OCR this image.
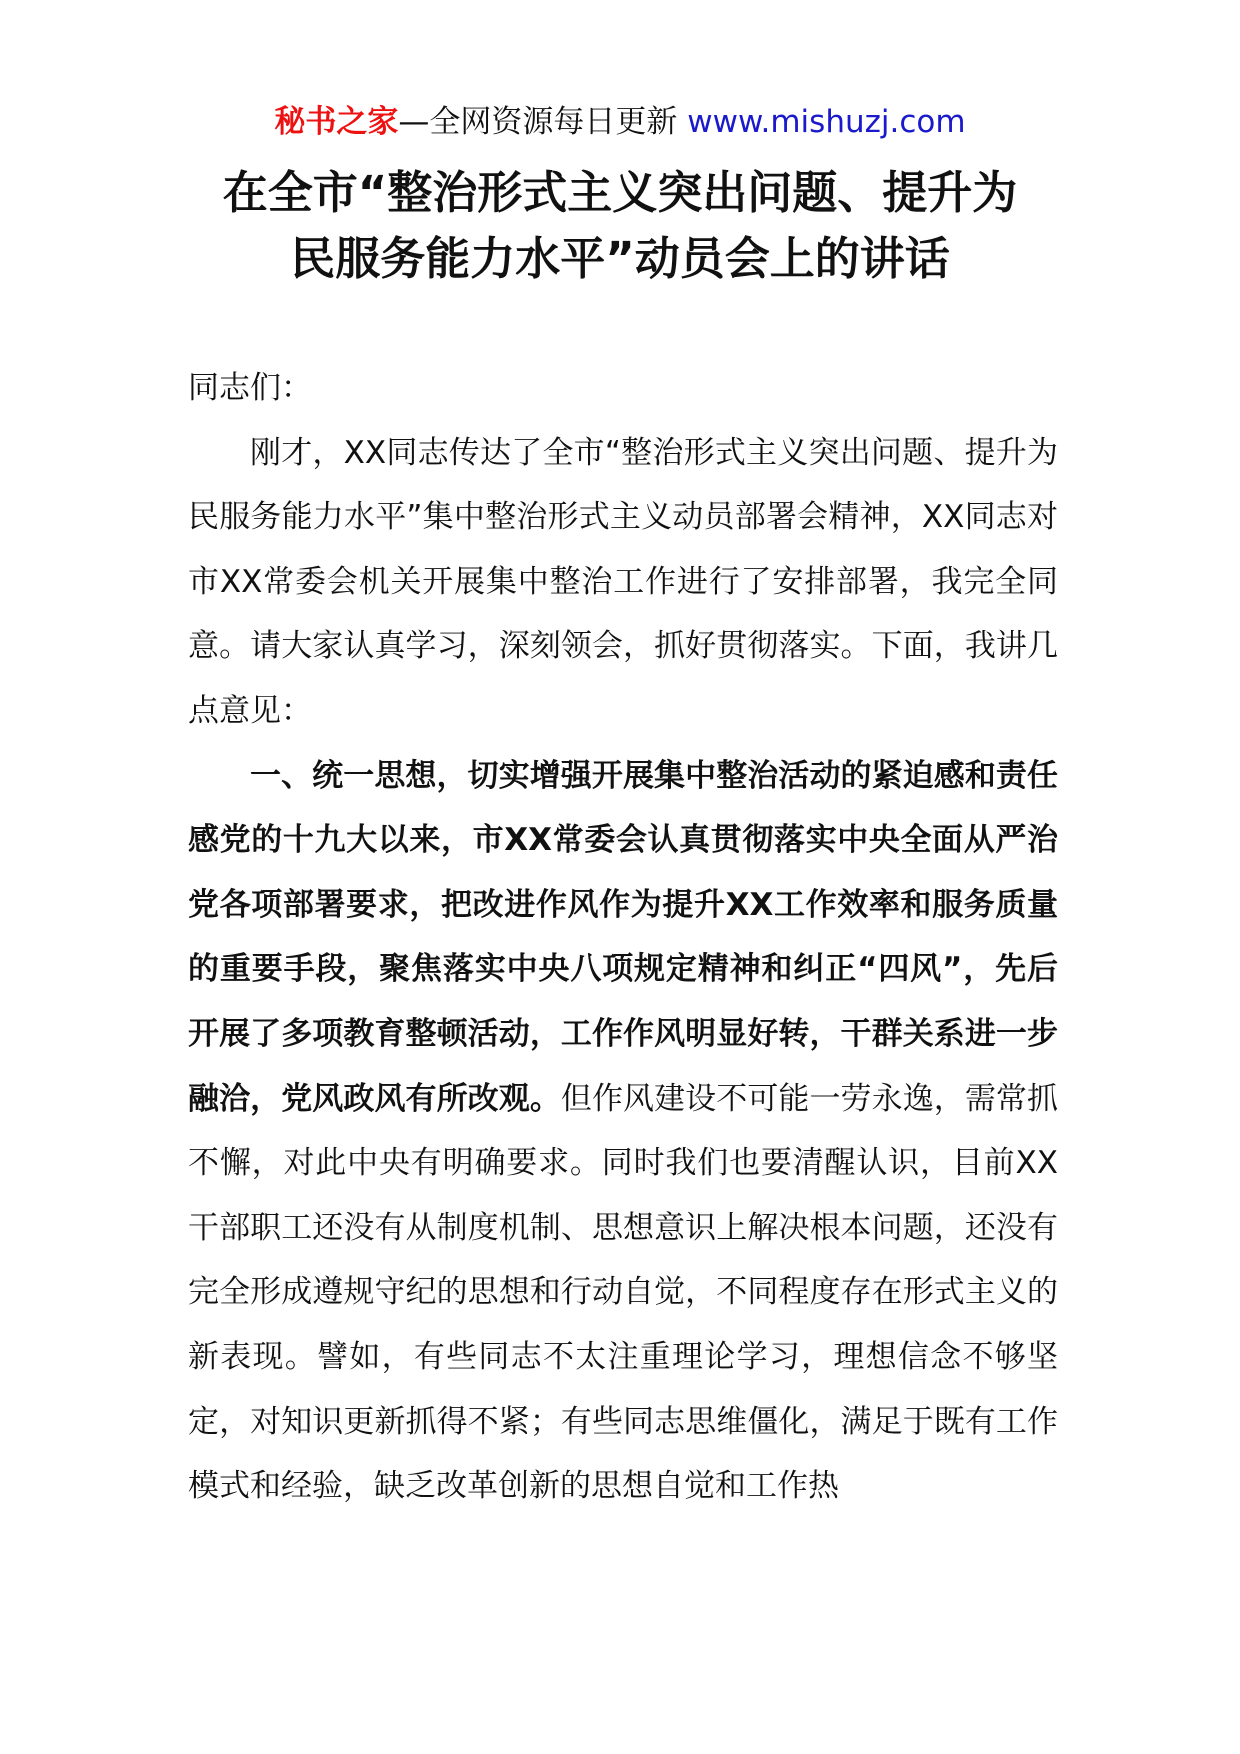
秘书之家—全网资源每日更新 www.mishuzj.com
在全市“整治形式主义突出问题、提升为
民服务能力水平”动员会上的讲话

同志们：

刚才，XX同志传达了全市“整治形式主义突出问题、提升为民服务能力水平”集中整治形式主义动员部署会精神，XX同志对市XX常委会机关开展集中整治工作进行了安排部署，我完全同意。请大家认真学习，深刻领会，抓好贯彻落实。下面，我讲几点意见：

一、统一思想，切实增强开展集中整治活动的紧迫感和责任感党的十九大以来，市XX常委会认真贯彻落实中央全面从严治党各项部署要求，把改进作风作为提升XX工作效率和服务质量的重要手段，聚焦落实中央八项规定精神和纠正“四风”，先后开展了多项教育整顿活动，工作作风明显好转，干群关系进一步融洽，党风政风有所改观。但作风建设不可能一劳永逸，需常抓不懈，对此中央有明确要求。同时我们也要清醒认识，目前XX干部职工还没有从制度机制、思想意识上解决根本问题，还没有完全形成遵规守纪的思想和行动自觉，不同程度存在形式主义的新表现。譬如，有些同志不太注重理论学习，理想信念不够坚定，对知识更新抓得不紧；有些同志思维僵化，满足于既有工作模式和经验，缺乏改革创新的思想自觉和工作热
